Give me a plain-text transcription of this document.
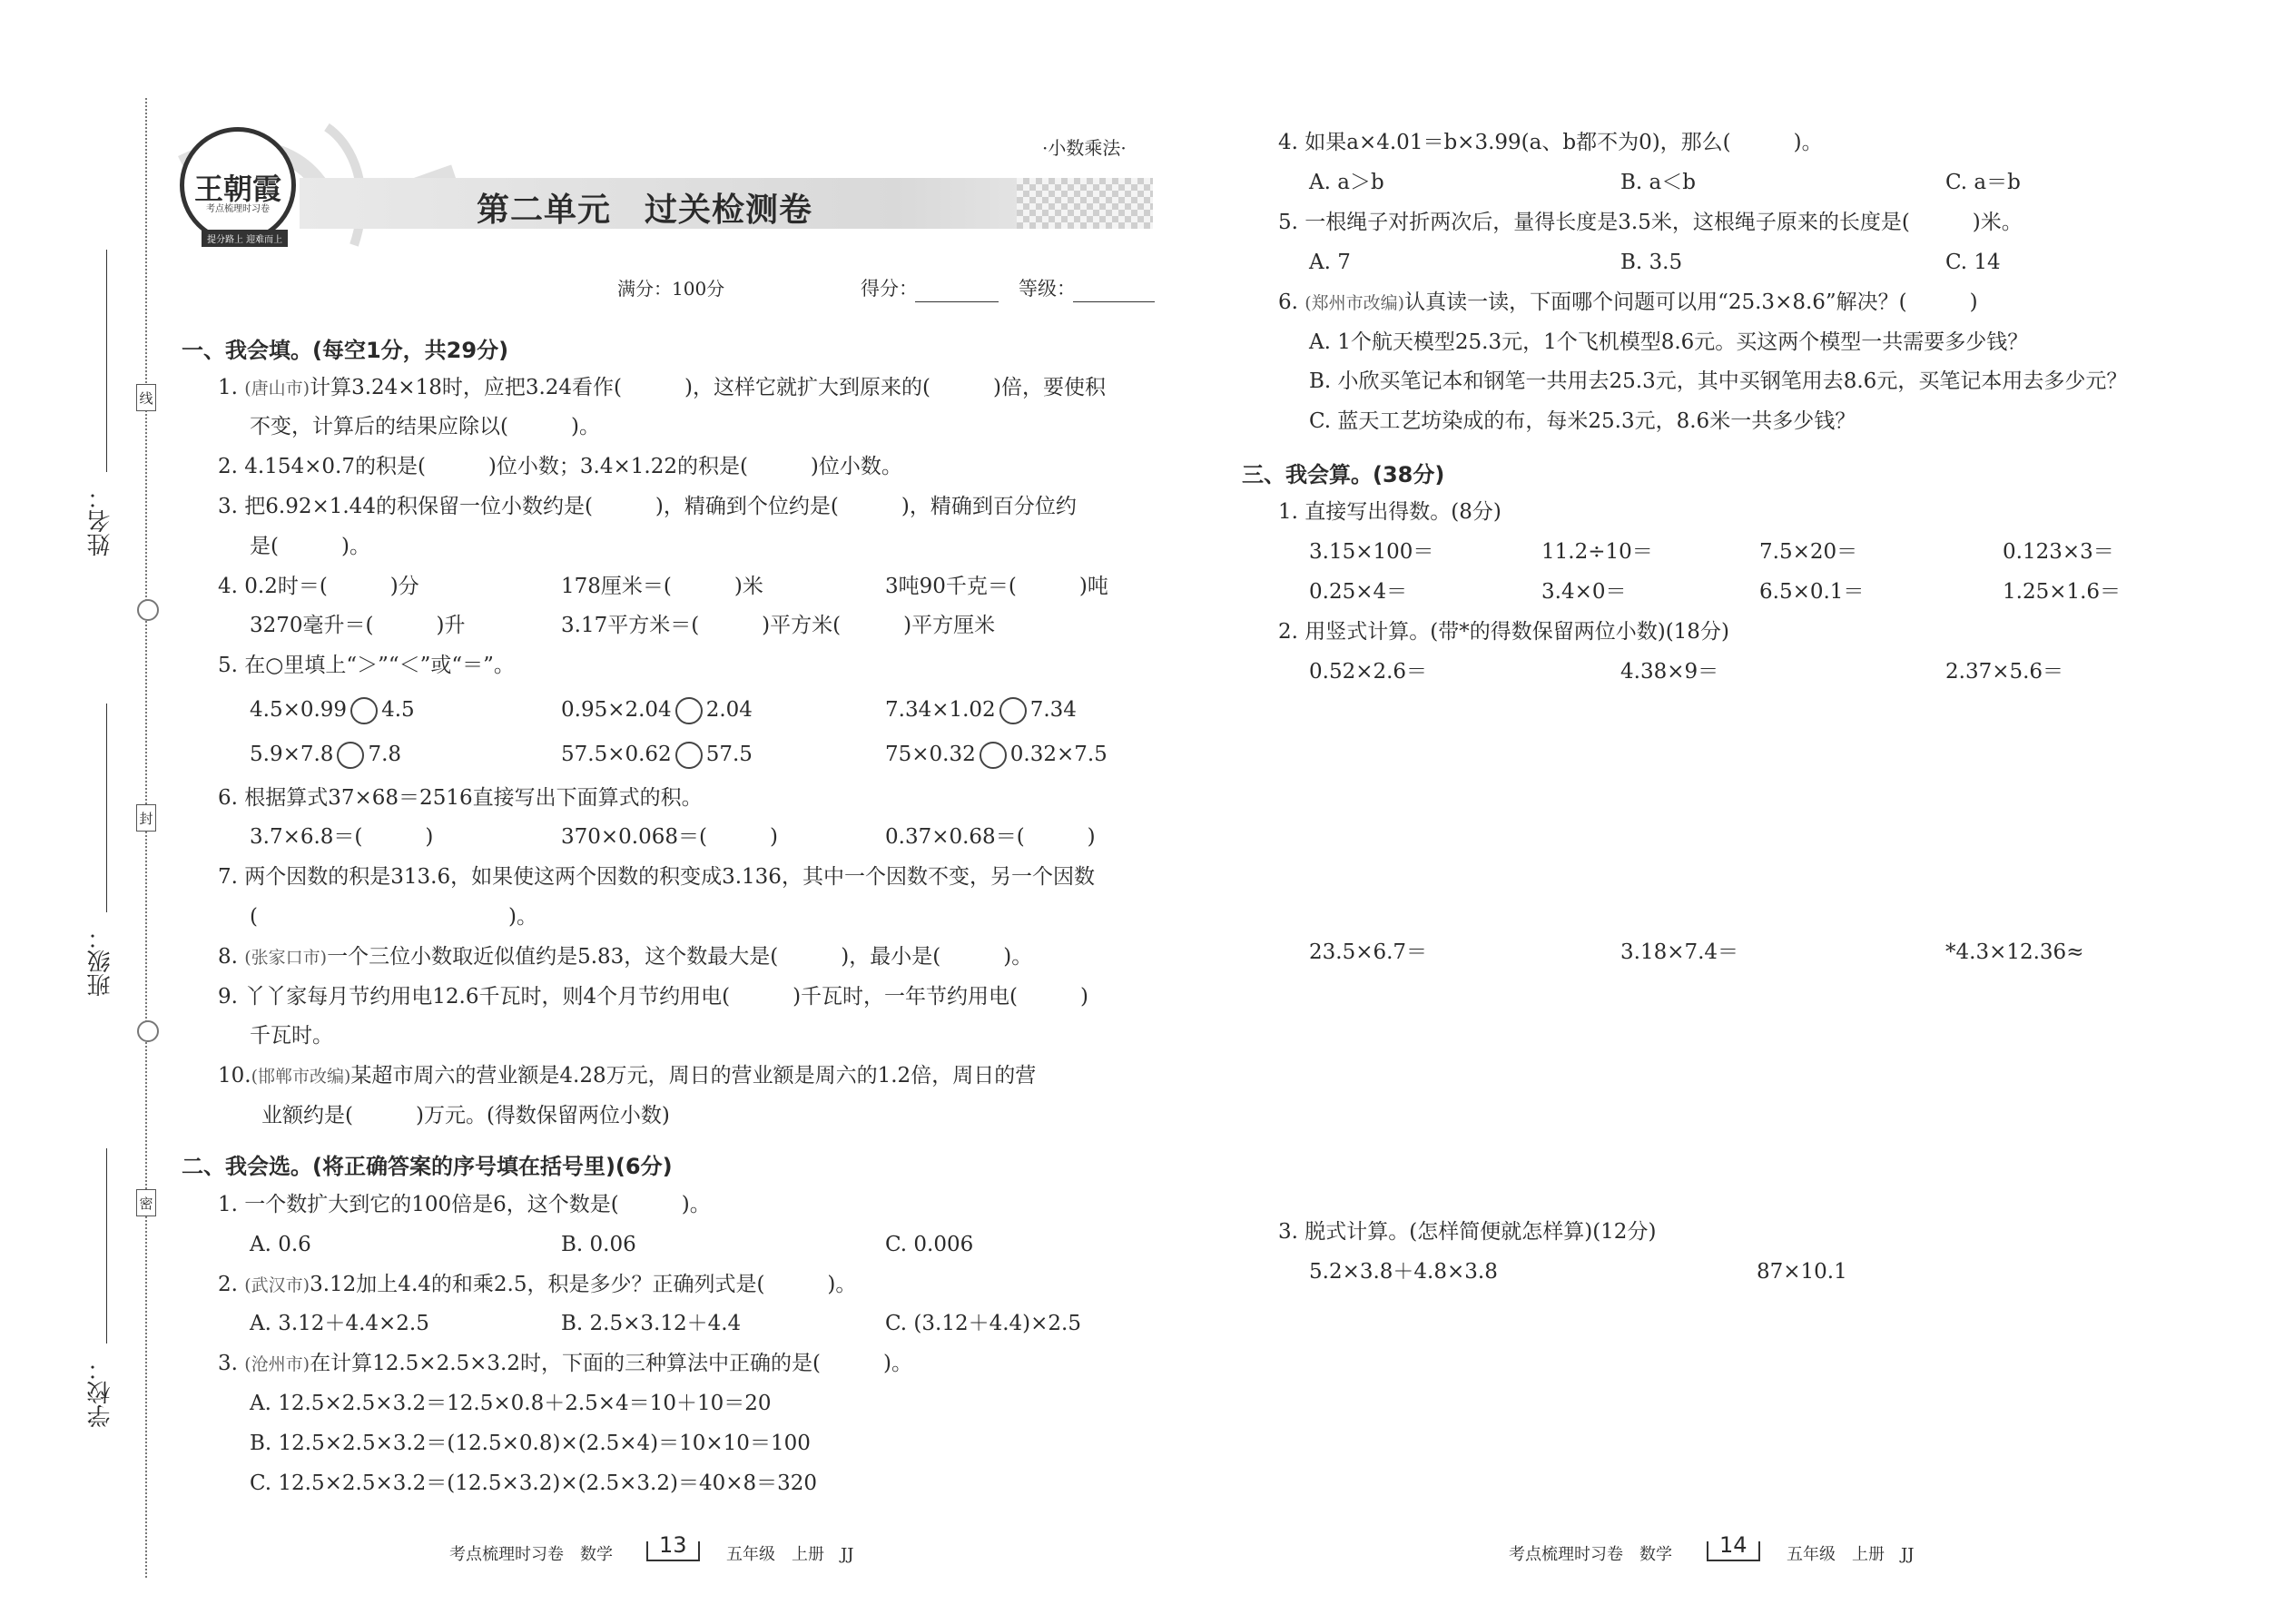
线
封
密
姓名：
班级：
学校：
王朝霞
考点梳理时习卷
提分路上 迎难而上
第二单元　过关检测卷
·小数乘法·
满分：100分	得分：	等级：
一、我会填。(每空1分，共29分)
1. (唐山市)计算3.24×18时，应把3.24看作(　　　)，这样它就扩大到原来的(　　　)倍，要使积
不变，计算后的结果应除以(　　　)。
2. 4.154×0.7的积是(　　　)位小数；3.4×1.22的积是(　　　)位小数。
3. 把6.92×1.44的积保留一位小数约是(　　　)，精确到个位约是(　　　)，精确到百分位约
是(　　　)。
4. 0.2时＝(　　　)分	178厘米＝(　　　)米	3吨90千克＝(　　　)吨
3270毫升＝(　　　)升	3.17平方米＝(　　　)平方米(　　　)平方厘米
5. 在○里填上“＞”“＜”或“＝”。
4.5×0.99 4.5	0.95×2.04 2.04	7.34×1.02 7.34
5.9×7.8 7.8	57.5×0.62 57.5	75×0.32 0.32×7.5
6. 根据算式37×68＝2516直接写出下面算式的积。
3.7×6.8＝(　　　)	370×0.068＝(　　　)	0.37×0.68＝(　　　)
7. 两个因数的积是313.6，如果使这两个因数的积变成3.136，其中一个因数不变，另一个因数
(　　　　　　　　　　　　)。
8. (张家口市)一个三位小数取近似值约是5.83，这个数最大是(　　　)，最小是(　　　)。
9. 丫丫家每月节约用电12.6千瓦时，则4个月节约用电(　　　)千瓦时，一年节约用电(　　　)
千瓦时。
10.(邯郸市改编)某超市周六的营业额是4.28万元，周日的营业额是周六的1.2倍，周日的营
业额约是(　　　)万元。(得数保留两位小数)
二、我会选。(将正确答案的序号填在括号里)(6分)
1. 一个数扩大到它的100倍是6，这个数是(　　　)。
A. 0.6	B. 0.06	C. 0.006
2. (武汉市)3.12加上4.4的和乘2.5，积是多少？正确列式是(　　　)。
A. 3.12＋4.4×2.5	B. 2.5×3.12＋4.4	C. (3.12＋4.4)×2.5
3. (沧州市)在计算12.5×2.5×3.2时，下面的三种算法中正确的是(　　　)。
A. 12.5×2.5×3.2＝12.5×0.8＋2.5×4＝10＋10＝20
B. 12.5×2.5×3.2＝(12.5×0.8)×(2.5×4)＝10×10＝100
C. 12.5×2.5×3.2＝(12.5×3.2)×(2.5×3.2)＝40×8＝320
4. 如果a×4.01＝b×3.99(a、b都不为0)，那么(　　　)。
A. a＞b	B. a＜b	C. a＝b
5. 一根绳子对折两次后，量得长度是3.5米，这根绳子原来的长度是(　　　)米。
A. 7	B. 3.5	C. 14
6. (郑州市改编)认真读一读，下面哪个问题可以用“25.3×8.6”解决？(　　　)
A. 1个航天模型25.3元，1个飞机模型8.6元。买这两个模型一共需要多少钱？
B. 小欣买笔记本和钢笔一共用去25.3元，其中买钢笔用去8.6元，买笔记本用去多少元？
C. 蓝天工艺坊染成的布，每米25.3元，8.6米一共多少钱？
三、我会算。(38分)
1. 直接写出得数。(8分)
3.15×100＝	11.2÷10＝	7.5×20＝	0.123×3＝
0.25×4＝	3.4×0＝	6.5×0.1＝	1.25×1.6＝
2. 用竖式计算。(带*的得数保留两位小数)(18分)
0.52×2.6＝	4.38×9＝	2.37×5.6＝
23.5×6.7＝	3.18×7.4＝	*4.3×12.36≈
3. 脱式计算。(怎样简便就怎样算)(12分)
5.2×3.8＋4.8×3.8	87×10.1
考点梳理时习卷　数学	13	五年级　上册　JJ	考点梳理时习卷　数学	14	五年级　上册　JJ
